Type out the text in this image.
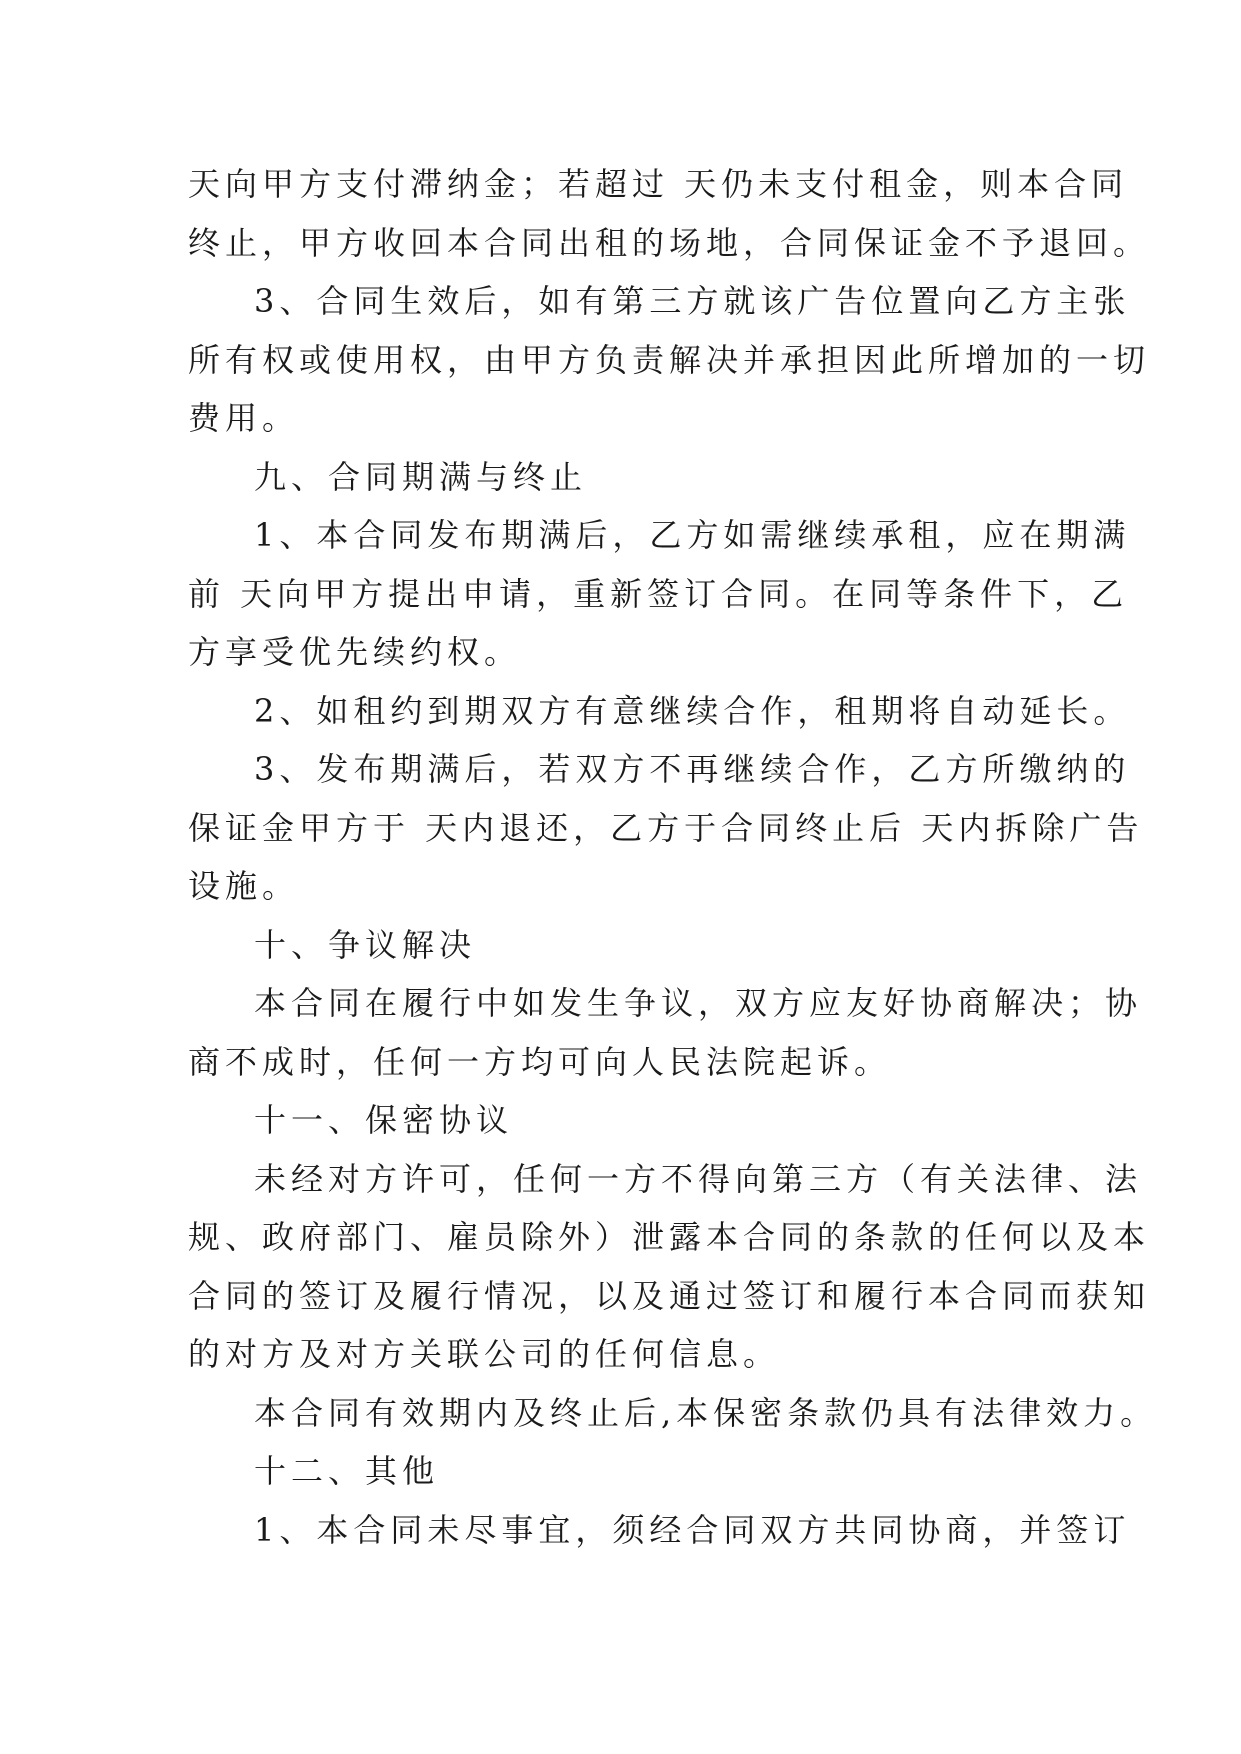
天向甲方支付滞纳金；若超过 天仍未支付租金，则本合同
终止，甲方收回本合同出租的场地，合同保证金不予退回。
3、合同生效后，如有第三方就该广告位置向乙方主张
所有权或使用权，由甲方负责解决并承担因此所增加的一切
费用。
九、合同期满与终止
1、本合同发布期满后，乙方如需继续承租，应在期满
前 天向甲方提出申请，重新签订合同。在同等条件下，乙
方享受优先续约权。
2、如租约到期双方有意继续合作，租期将自动延长。
3、发布期满后，若双方不再继续合作，乙方所缴纳的
保证金甲方于 天内退还，乙方于合同终止后 天内拆除广告
设施。
十、争议解决
本合同在履行中如发生争议，双方应友好协商解决；协
商不成时，任何一方均可向人民法院起诉。
十一、保密协议
未经对方许可，任何一方不得向第三方（有关法律、法
规、政府部门、雇员除外）泄露本合同的条款的任何以及本
合同的签订及履行情况，以及通过签订和履行本合同而获知
的对方及对方关联公司的任何信息。
本合同有效期内及终止后,本保密条款仍具有法律效力。
十二、其他
1、本合同未尽事宜，须经合同双方共同协商，并签订
